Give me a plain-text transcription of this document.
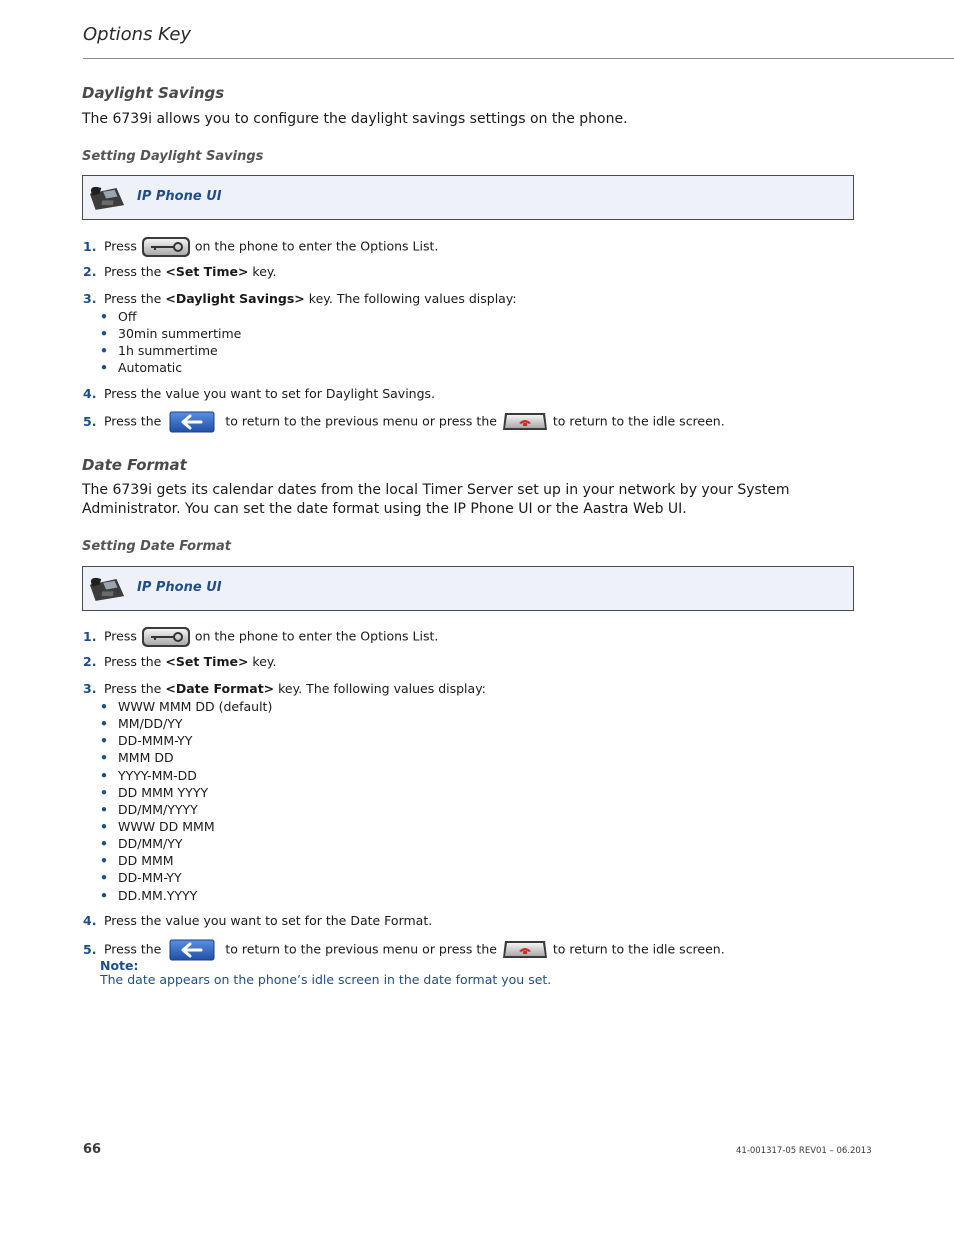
Options Key
Daylight Savings
The 6739i allows you to configure the daylight savings settings on the phone.
Setting Daylight Savings
IP Phone UI
1. Press	on the phone to enter the Options List.
2. Press the <Set Time> key.
3. Press the <Daylight Savings> key. The following values display:
• Off
• 30min summertime
• 1h summertime
• Automatic
4. Press the value you want to set for Daylight Savings.
5. Press the	to return to the previous menu or press the	to return to the idle screen.
Date Format
The 6739i gets its calendar dates from the local Timer Server set up in your network by your System Administrator. You can set the date format using the IP Phone UI or the Aastra Web UI.
Setting Date Format
IP Phone UI
1. Press	on the phone to enter the Options List.
2. Press the <Set Time> key.
3. Press the <Date Format> key. The following values display:
• WWW MMM DD (default)
• MM/DD/YY
• DD-MMM-YY
• MMM DD
• YYYY-MM-DD
• DD MMM YYYY
• DD/MM/YYYY
• WWW DD MMM
• DD/MM/YY
• DD MMM
• DD-MM-YY
• DD.MM.YYYY
4. Press the value you want to set for the Date Format.
5. Press the	to return to the previous menu or press the	to return to the idle screen.
Note:
The date appears on the phone’s idle screen in the date format you set.
66	41-001317-05 REV01 – 06.2013
